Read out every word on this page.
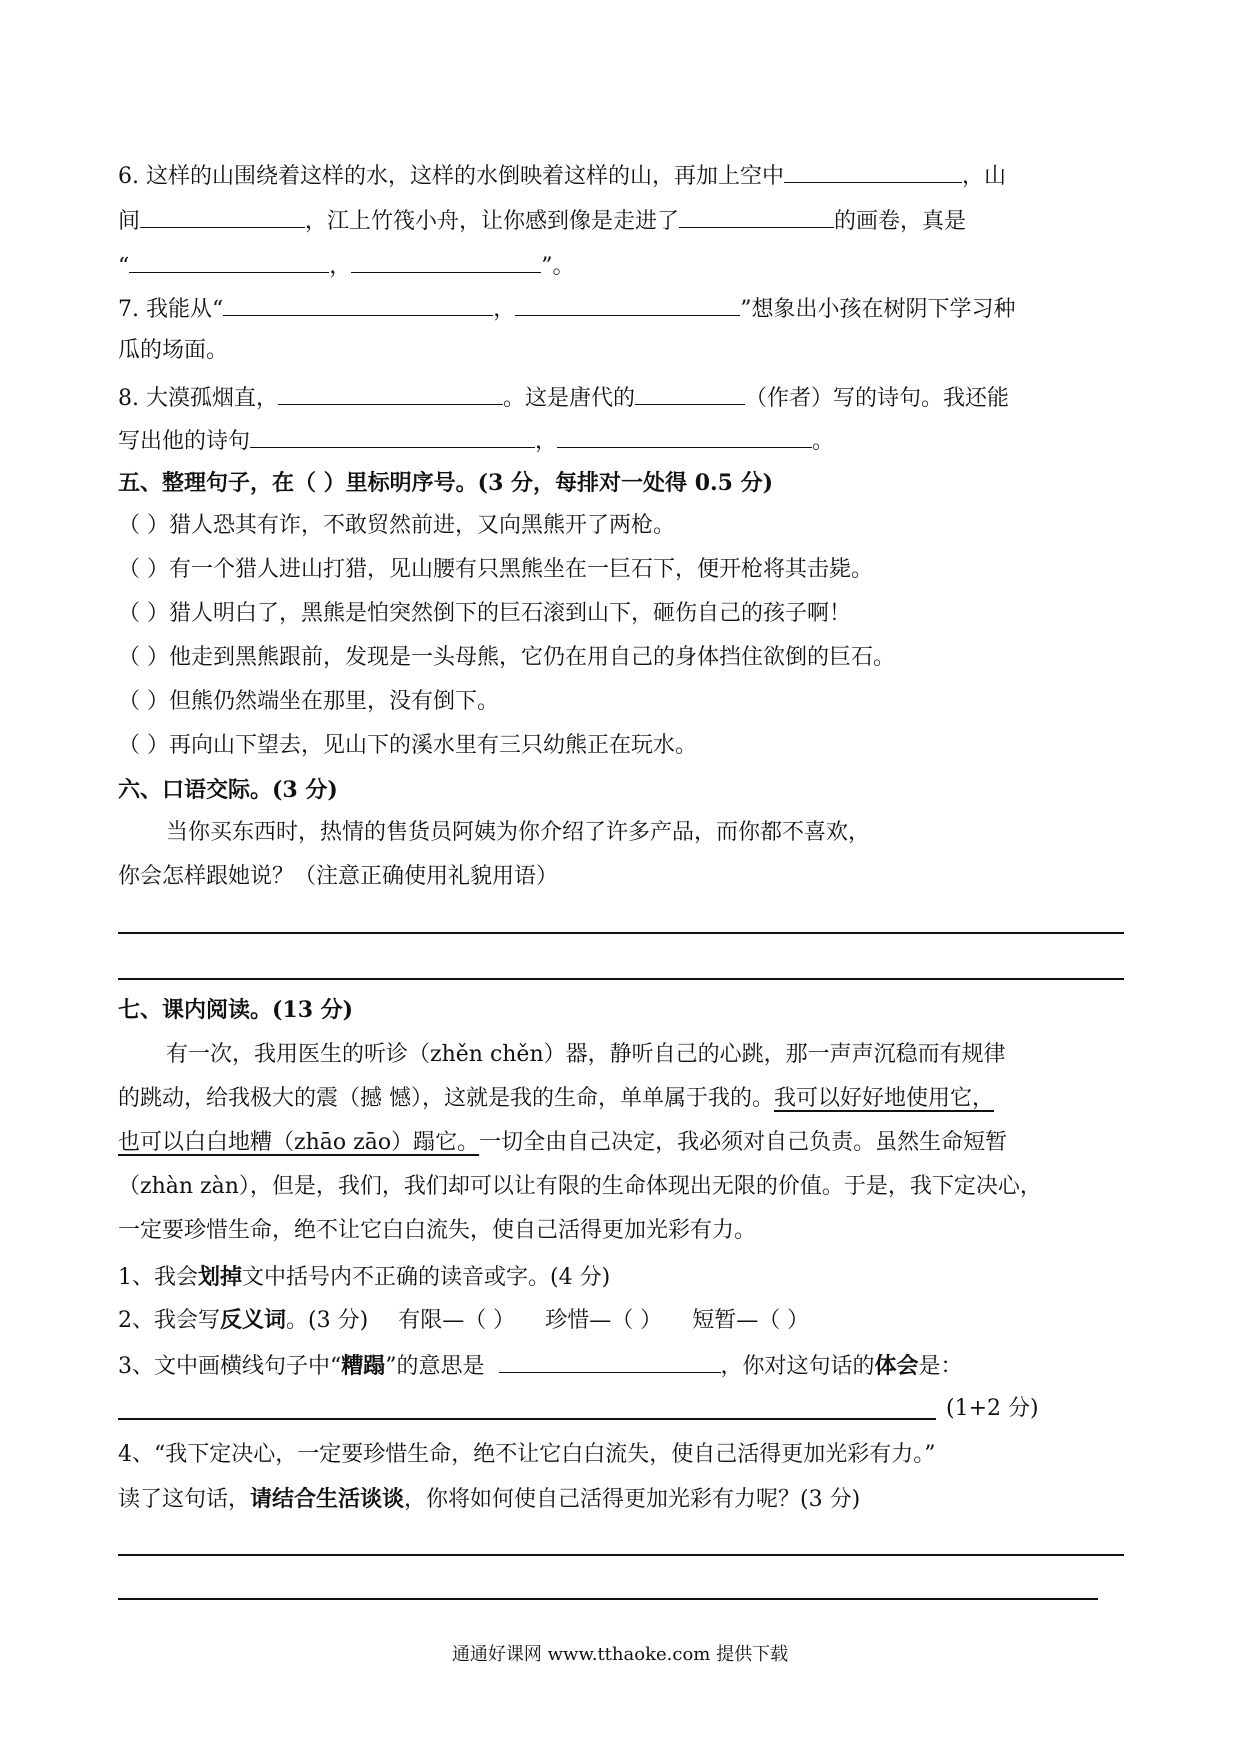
6. 这样的山围绕着这样的水，这样的水倒映着这样的山，再加上空中	，山
间	，江上竹筏小舟，让你感到像是走进了	的画卷，真是
“	，	”。
7. 我能从“	，	”想象出小孩在树阴下学习种
瓜的场面。
8. 大漠孤烟直，	。这是唐代的	（作者）写的诗句。我还能
写出他的诗句	，	。
五、整理句子，在（ ）里标明序号。(3 分，每排对一处得 0.5 分)
（ ）猎人恐其有诈，不敢贸然前进，又向黑熊开了两枪。
（ ）有一个猎人进山打猎，见山腰有只黑熊坐在一巨石下，便开枪将其击毙。
（ ）猎人明白了，黑熊是怕突然倒下的巨石滚到山下，砸伤自己的孩子啊！
（ ）他走到黑熊跟前，发现是一头母熊，它仍在用自己的身体挡住欲倒的巨石。
（ ）但熊仍然端坐在那里，没有倒下。
（ ）再向山下望去，见山下的溪水里有三只幼熊正在玩水。
六、口语交际。(3 分)
当你买东西时，热情的售货员阿姨为你介绍了许多产品，而你都不喜欢，
你会怎样跟她说？（注意正确使用礼貌用语）
七、课内阅读。(13 分)
有一次，我用医生的听诊（zhěn chěn）器，静听自己的心跳，那一声声沉稳而有规律
的跳动，给我极大的震（撼 憾），这就是我的生命，单单属于我的。我可以好好地使用它，
也可以白白地糟（zhāo zāo）蹋它。一切全由自己决定，我必须对自己负责。虽然生命短暂
（zhàn zàn），但是，我们，我们却可以让有限的生命体现出无限的价值。于是，我下定决心，
一定要珍惜生命，绝不让它白白流失，使自己活得更加光彩有力。
1、我会划掉文中括号内不正确的读音或字。(4 分)
2、我会写反义词。(3 分) 有限—（ ） 珍惜—（ ） 短暂—（ ）
3、文中画横线句子中“糟蹋”的意思是	，你对这句话的体会是：
(1+2 分)
4、“我下定决心，一定要珍惜生命，绝不让它白白流失，使自己活得更加光彩有力。”
读了这句话，请结合生活谈谈，你将如何使自己活得更加光彩有力呢？(3 分)
通通好课网 www.tthaoke.com 提供下载
